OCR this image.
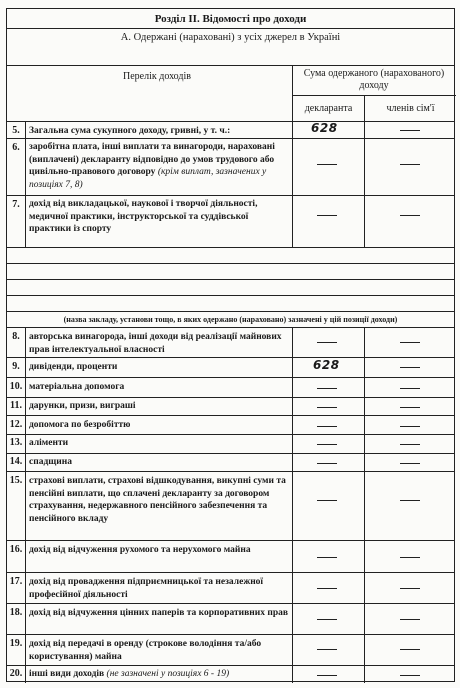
Розділ II. Відомості про доходи
А. Одержані (нараховані) з усіх джерел в Україні
Перелік доходів	Сума одержаного (нарахованого) доходу
декларанта	членів сім'ї
5. Загальна сума сукупного доходу, гривні, у т. ч.:	628
6. заробітна плата, інші виплати та винагороди, нараховані (виплачені) декларанту відповідно до умов трудового або цивільно-правового договору (крім виплат, зазначених у позиціях 7, 8)
7. дохід від викладацької, наукової і творчої діяльності, медичної практики, інструкторської та суддівської практики із спорту
(назва закладу, установи тощо, в яких одержано (нараховано) зазначені у цій позиції доходи)
8. авторська винагорода, інші доходи від реалізації майнових прав інтелектуальної власності
9. дивіденди, проценти	628
10. матеріальна допомога
11. дарунки, призи, виграші
12. допомога по безробіттю
13. аліменти
14. спадщина
15. страхові виплати, страхові відшкодування, викупні суми та пенсійні виплати, що сплачені декларанту за договором страхування, недержавного пенсійного забезпечення та пенсійного вкладу
16. дохід від відчуження рухомого та нерухомого майна
17. дохід від провадження підприємницької та незалежної професійної діяльності
18. дохід від відчуження цінних паперів та корпоративних прав
19. дохід від передачі в оренду (строкове володіння та/або користування) майна
20. інші види доходів (не зазначені у позиціях 6 - 19)
